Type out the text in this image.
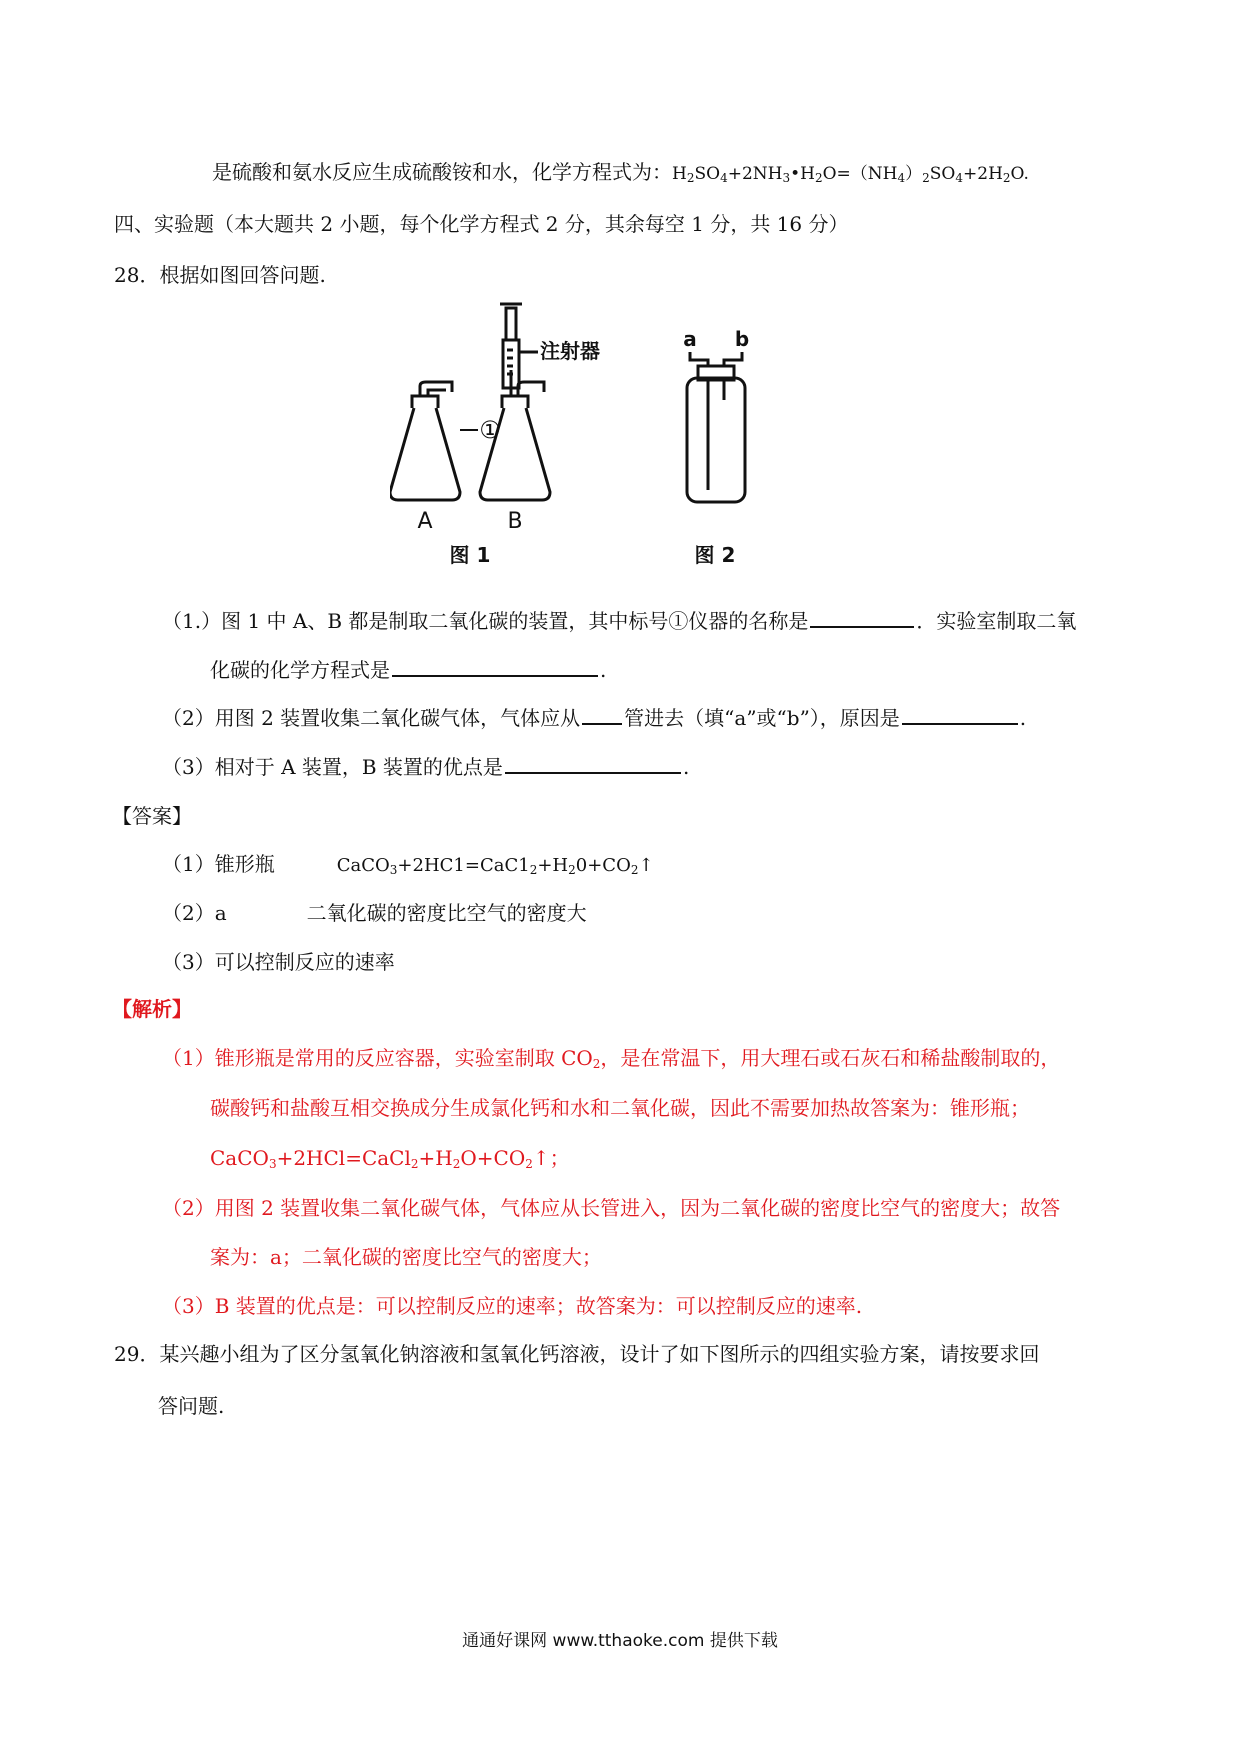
是硫酸和氨水反应生成硫酸铵和水，化学方程式为：$H_2SO_4+2NH_3•H_2O=(NH_4)_2SO_4+2H_2O$.
四、实验题（本大题共 2 小题，每个化学方程式 2 分，其余每空 1 分，共 16 分）
28．根据如图回答问题.
①
注射器
A	B
a b
图 1	图 2
（1.）图 1 中 A、B 都是制取二氧化碳的装置，其中标号①仪器的名称是	．实验室制取二氧
化碳的化学方程式是	.
（2）用图 2 装置收集二氧化碳气体，气体应从 管进去（填“a”或“b”），原因是	.
（3）相对于 A 装置，B 装置的优点是	.
【答案】
（1）锥形瓶	$CaCO_3+2HC1=CaC1_2+H_20+CO_2↑$
（2）a	二氧化碳的密度比空气的密度大
（3）可以控制反应的速率
【解析】
（1）锥形瓶是常用的反应容器，实验室制取 $CO_2$，是在常温下，用大理石或石灰石和稀盐酸制取的，
碳酸钙和盐酸互相交换成分生成氯化钙和水和二氧化碳，因此不需要加热故答案为：锥形瓶；
$CaCO_3+2HCl=CaCl_2+H_2O+CO_2↑$；
（2）用图 2 装置收集二氧化碳气体，气体应从长管进入，因为二氧化碳的密度比空气的密度大；故答
案为：a；二氧化碳的密度比空气的密度大；
（3）B 装置的优点是：可以控制反应的速率；故答案为：可以控制反应的速率.
29．某兴趣小组为了区分氢氧化钠溶液和氢氧化钙溶液，设计了如下图所示的四组实验方案，请按要求回
答问题.
通通好课网 www.tthaoke.com 提供下载
